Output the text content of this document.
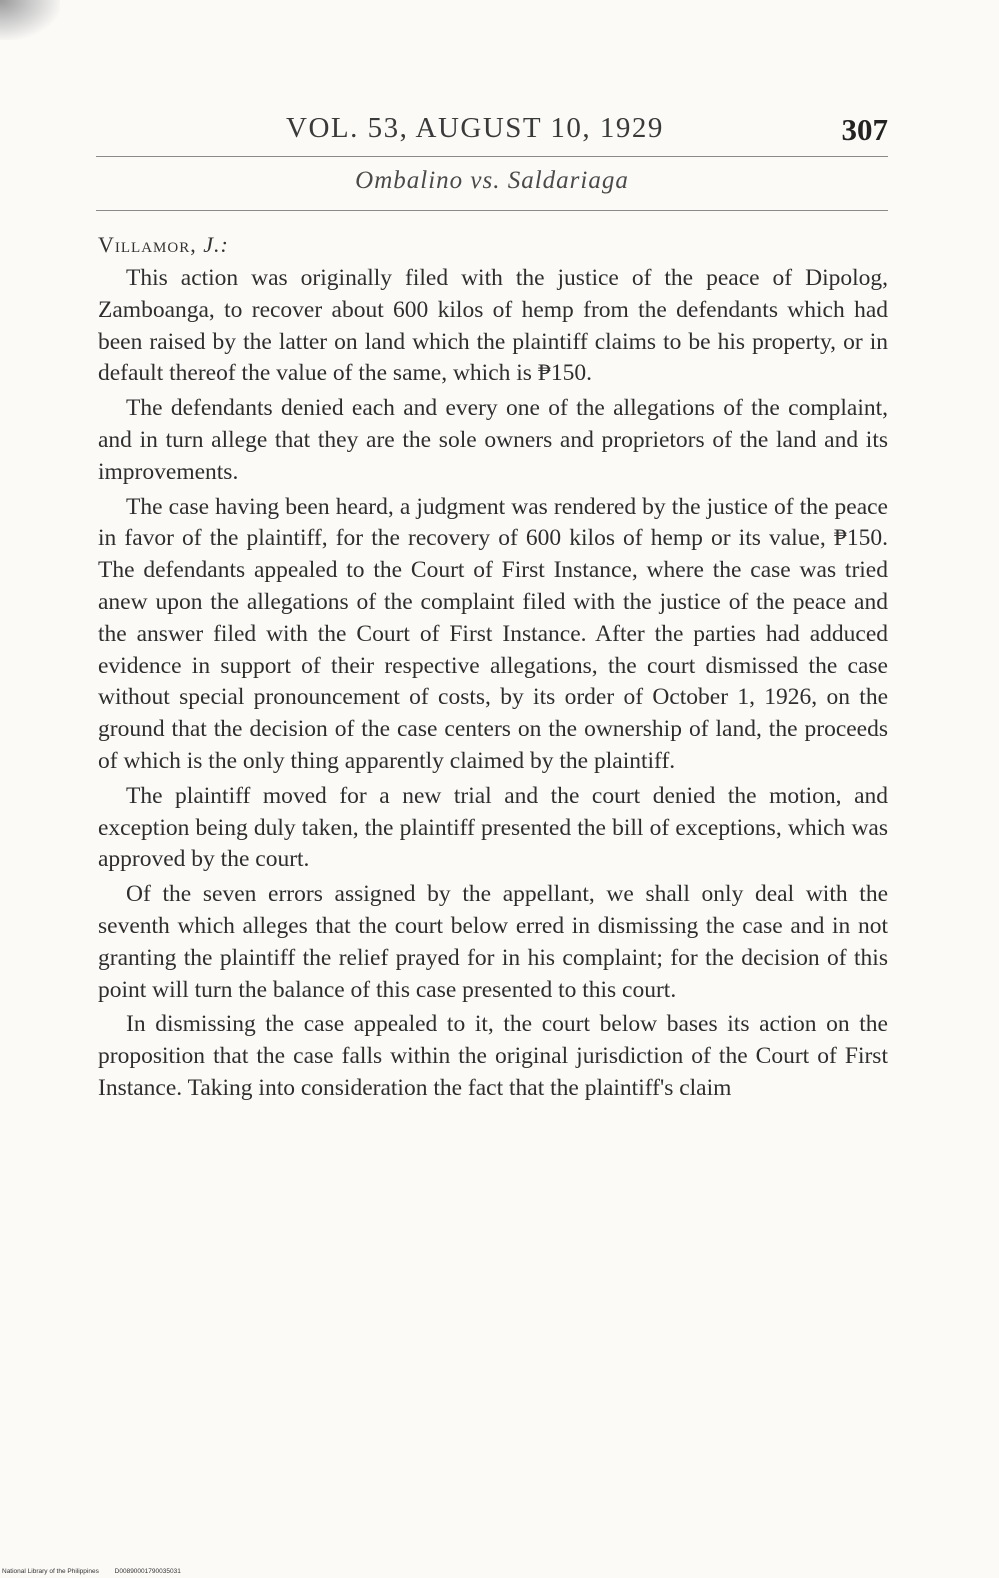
VOL. 53, AUGUST 10, 1929	307
Ombalino vs. Saldariaga
Villamor, J.:

This action was originally filed with the justice of the peace of Dipolog, Zamboanga, to recover about 600 kilos of hemp from the defendants which had been raised by the latter on land which the plaintiff claims to be his property, or in default thereof the value of the same, which is ₱150.

The defendants denied each and every one of the allegations of the complaint, and in turn allege that they are the sole owners and proprietors of the land and its improvements.

The case having been heard, a judgment was rendered by the justice of the peace in favor of the plaintiff, for the recovery of 600 kilos of hemp or its value, ₱150. The defendants appealed to the Court of First Instance, where the case was tried anew upon the allegations of the complaint filed with the justice of the peace and the answer filed with the Court of First Instance. After the parties had adduced evidence in support of their respective allegations, the court dismissed the case without special pronouncement of costs, by its order of October 1, 1926, on the ground that the decision of the case centers on the ownership of land, the proceeds of which is the only thing apparently claimed by the plaintiff.

The plaintiff moved for a new trial and the court denied the motion, and exception being duly taken, the plaintiff presented the bill of exceptions, which was approved by the court.

Of the seven errors assigned by the appellant, we shall only deal with the seventh which alleges that the court below erred in dismissing the case and in not granting the plaintiff the relief prayed for in his complaint; for the decision of this point will turn the balance of this case presented to this court.

In dismissing the case appealed to it, the court below bases its action on the proposition that the case falls within the original jurisdiction of the Court of First Instance. Taking into consideration the fact that the plaintiff's claim

National Library of the Philippines D0089000179003503​1
